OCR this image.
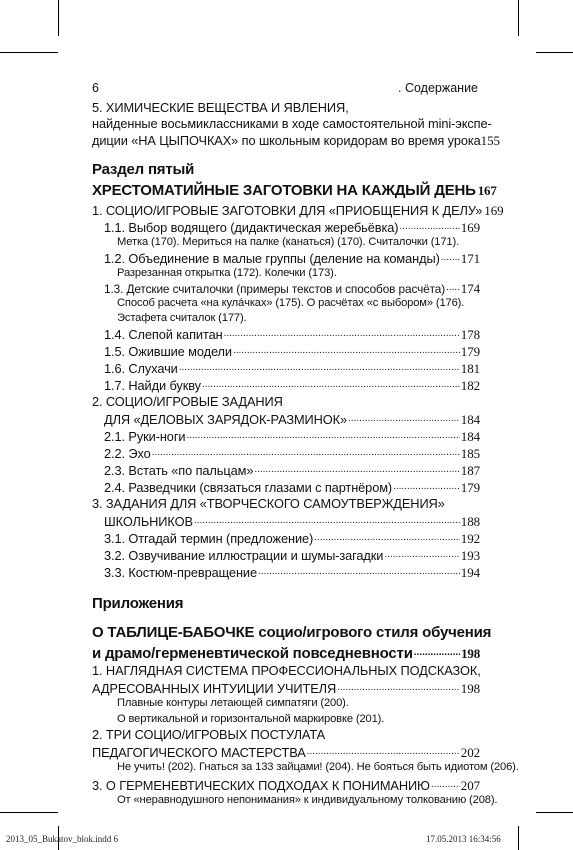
6	. Содержание
5. ХИМИЧЕСКИЕ ВЕЩЕСТВА И ЯВЛЕНИЯ,
найденные восьмиклассниками в ходе самостоятельной mini-экспе-
диции «НА ЦЫПОЧКАХ» по школьным коридорам во время урока 155
Раздел пятый
ХРЕСТОМАТИЙНЫЕ ЗАГОТОВКИ НА КАЖДЫЙ ДЕНЬ 167
1. СОЦИО/ИГРОВЫЕ ЗАГОТОВКИ ДЛЯ «ПРИОБЩЕНИЯ К ДЕЛУ» 169
1.1. Выбор водящего (дидактическая жеребьёвка) .....	169
Метка (170). Мериться на палке (канаться) (170). Считалочки (171).
1.2. Объединение в малые группы (деление на команды) ..... 171
Разрезанная открытка (172). Колечки (173).
1.3. Детские считалочки (примеры текстов и способов расчёта) ..... 174
Способ расчета «на кулáчках» (175). О расчётах «с выбором» (176).
Эстафета считалок (177).
1.4. Слепой капитан .....	178
1.5. Ожившие модели .....	179
1.6. Слухачи .....	181
1.7. Найди букву .....	182
2. СОЦИО/ИГРОВЫЕ ЗАДАНИЯ
ДЛЯ «ДЕЛОВЫХ ЗАРЯДОК-РАЗМИНОК» .....	184
2.1. Руки-ноги .....	184
2.2. Эхо .....	185
2.3. Встать «по пальцам» .....	187
2.4. Разведчики (связаться глазами с партнёром) .....	179
3. ЗАДАНИЯ ДЛЯ «ТВОРЧЕСКОГО САМОУТВЕРЖДЕНИЯ»
ШКОЛЬНИКОВ .....	188
3.1. Отгадай термин (предложение) .....	192
3.2. Озвучивание иллюстрации и шумы-загадки .....	193
3.3. Костюм-превращение .....	194
Приложения
О ТАБЛИЦЕ-БАБОЧКЕ социо/игрового стиля обучения
и драмо/герменевтической повседневности .....	198
1. НАГЛЯДНАЯ СИСТЕМА ПРОФЕССИОНАЛЬНЫХ ПОДСКАЗОК,
АДРЕСОВАННЫХ ИНТУИЦИИ УЧИТЕЛЯ .....	198
Плавные контуры летающей симпатяги (200).
О вертикальной и горизонтальной маркировке (201).
2. ТРИ СОЦИО/ИГРОВЫХ ПОСТУЛАТА
ПЕДАГОГИЧЕСКОГО МАСТЕРСТВА .....	202
Не учить! (202). Гнаться за 133 зайцами! (204). Не бояться быть идиотом (206).
3. О ГЕРМЕНЕВТИЧЕСКИХ ПОДХОДАХ К ПОНИМАНИЮ ..... 207
От «неравнодушного непонимания» к индивидуальному толкованию (208).
2013_05_Bukatov_blok.indd 6	17.05.2013 16:34:56
